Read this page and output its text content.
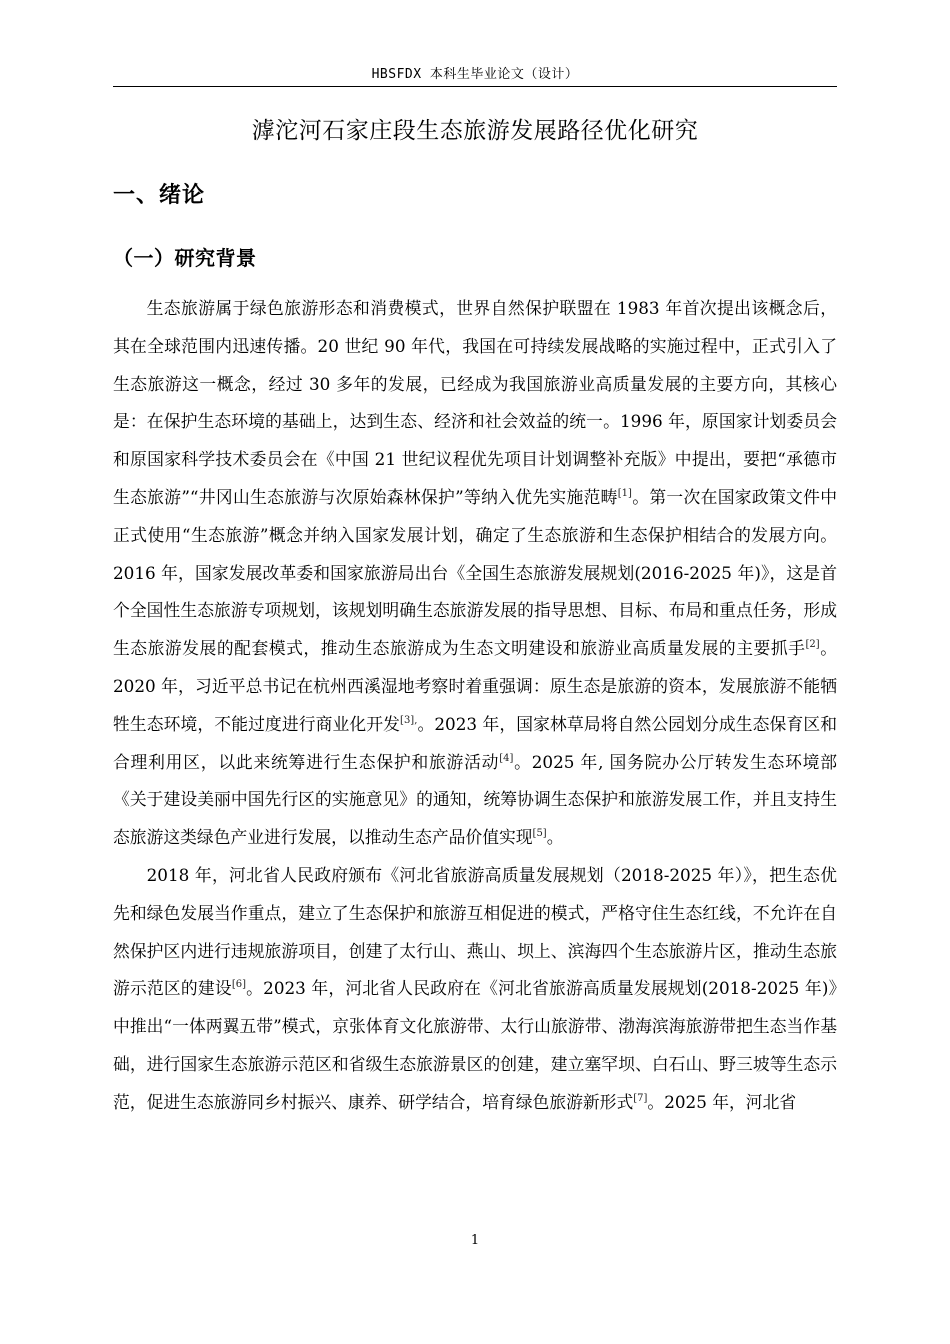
HBSFDX 本科生毕业论文（设计）
滹沱河石家庄段生态旅游发展路径优化研究
一、绪论
（一）研究背景

生态旅游属于绿色旅游形态和消费模式，世界自然保护联盟在 1983 年首次提出该概念后，其在全球范围内迅速传播。20 世纪 90 年代，我国在可持续发展战略的实施过程中，正式引入了生态旅游这一概念，经过 30 多年的发展，已经成为我国旅游业高质量发展的主要方向，其核心是：在保护生态环境的基础上，达到生态、经济和社会效益的统一。1996 年，原国家计划委员会和原国家科学技术委员会在《中国 21 世纪议程优先项目计划调整补充版》中提出，要把“承德市生态旅游”“井冈山生态旅游与次原始森林保护”等纳入优先实施范畴[1]。第一次在国家政策文件中正式使用“生态旅游”概念并纳入国家发展计划，确定了生态旅游和生态保护相结合的发展方向。2016 年，国家发展改革委和国家旅游局出台《全国生态旅游发展规划(2016-2025 年)》，这是首个全国性生态旅游专项规划，该规划明确生态旅游发展的指导思想、目标、布局和重点任务，形成生态旅游发展的配套模式，推动生态旅游成为生态文明建设和旅游业高质量发展的主要抓手[2]。2020 年，习近平总书记在杭州西溪湿地考察时着重强调：原生态是旅游的资本，发展旅游不能牺牲生态环境，不能过度进行商业化开发$^{[3],}$。2023 年，国家林草局将自然公园划分成生态保育区和合理利用区，以此来统筹进行生态保护和旅游活动[4]。2025 年, 国务院办公厅转发生态环境部《关于建设美丽中国先行区的实施意见》的通知，统筹协调生态保护和旅游发展工作，并且支持生态旅游这类绿色产业进行发展，以推动生态产品价值实现[5]。

2018 年，河北省人民政府颁布《河北省旅游高质量发展规划（2018-2025 年）》，把生态优先和绿色发展当作重点，建立了生态保护和旅游互相促进的模式，严格守住生态红线，不允许在自然保护区内进行违规旅游项目，创建了太行山、燕山、坝上、滨海四个生态旅游片区，推动生态旅游示范区的建设[6]。2023 年，河北省人民政府在《河北省旅游高质量发展规划(2018-2025 年)》中推出“一体两翼五带”模式，京张体育文化旅游带、太行山旅游带、渤海滨海旅游带把生态当作基础，进行国家生态旅游示范区和省级生态旅游景区的创建，建立塞罕坝、白石山、野三坡等生态示范，促进生态旅游同乡村振兴、康养、研学结合，培育绿色旅游新形式[7]。2025 年，河北省

1
